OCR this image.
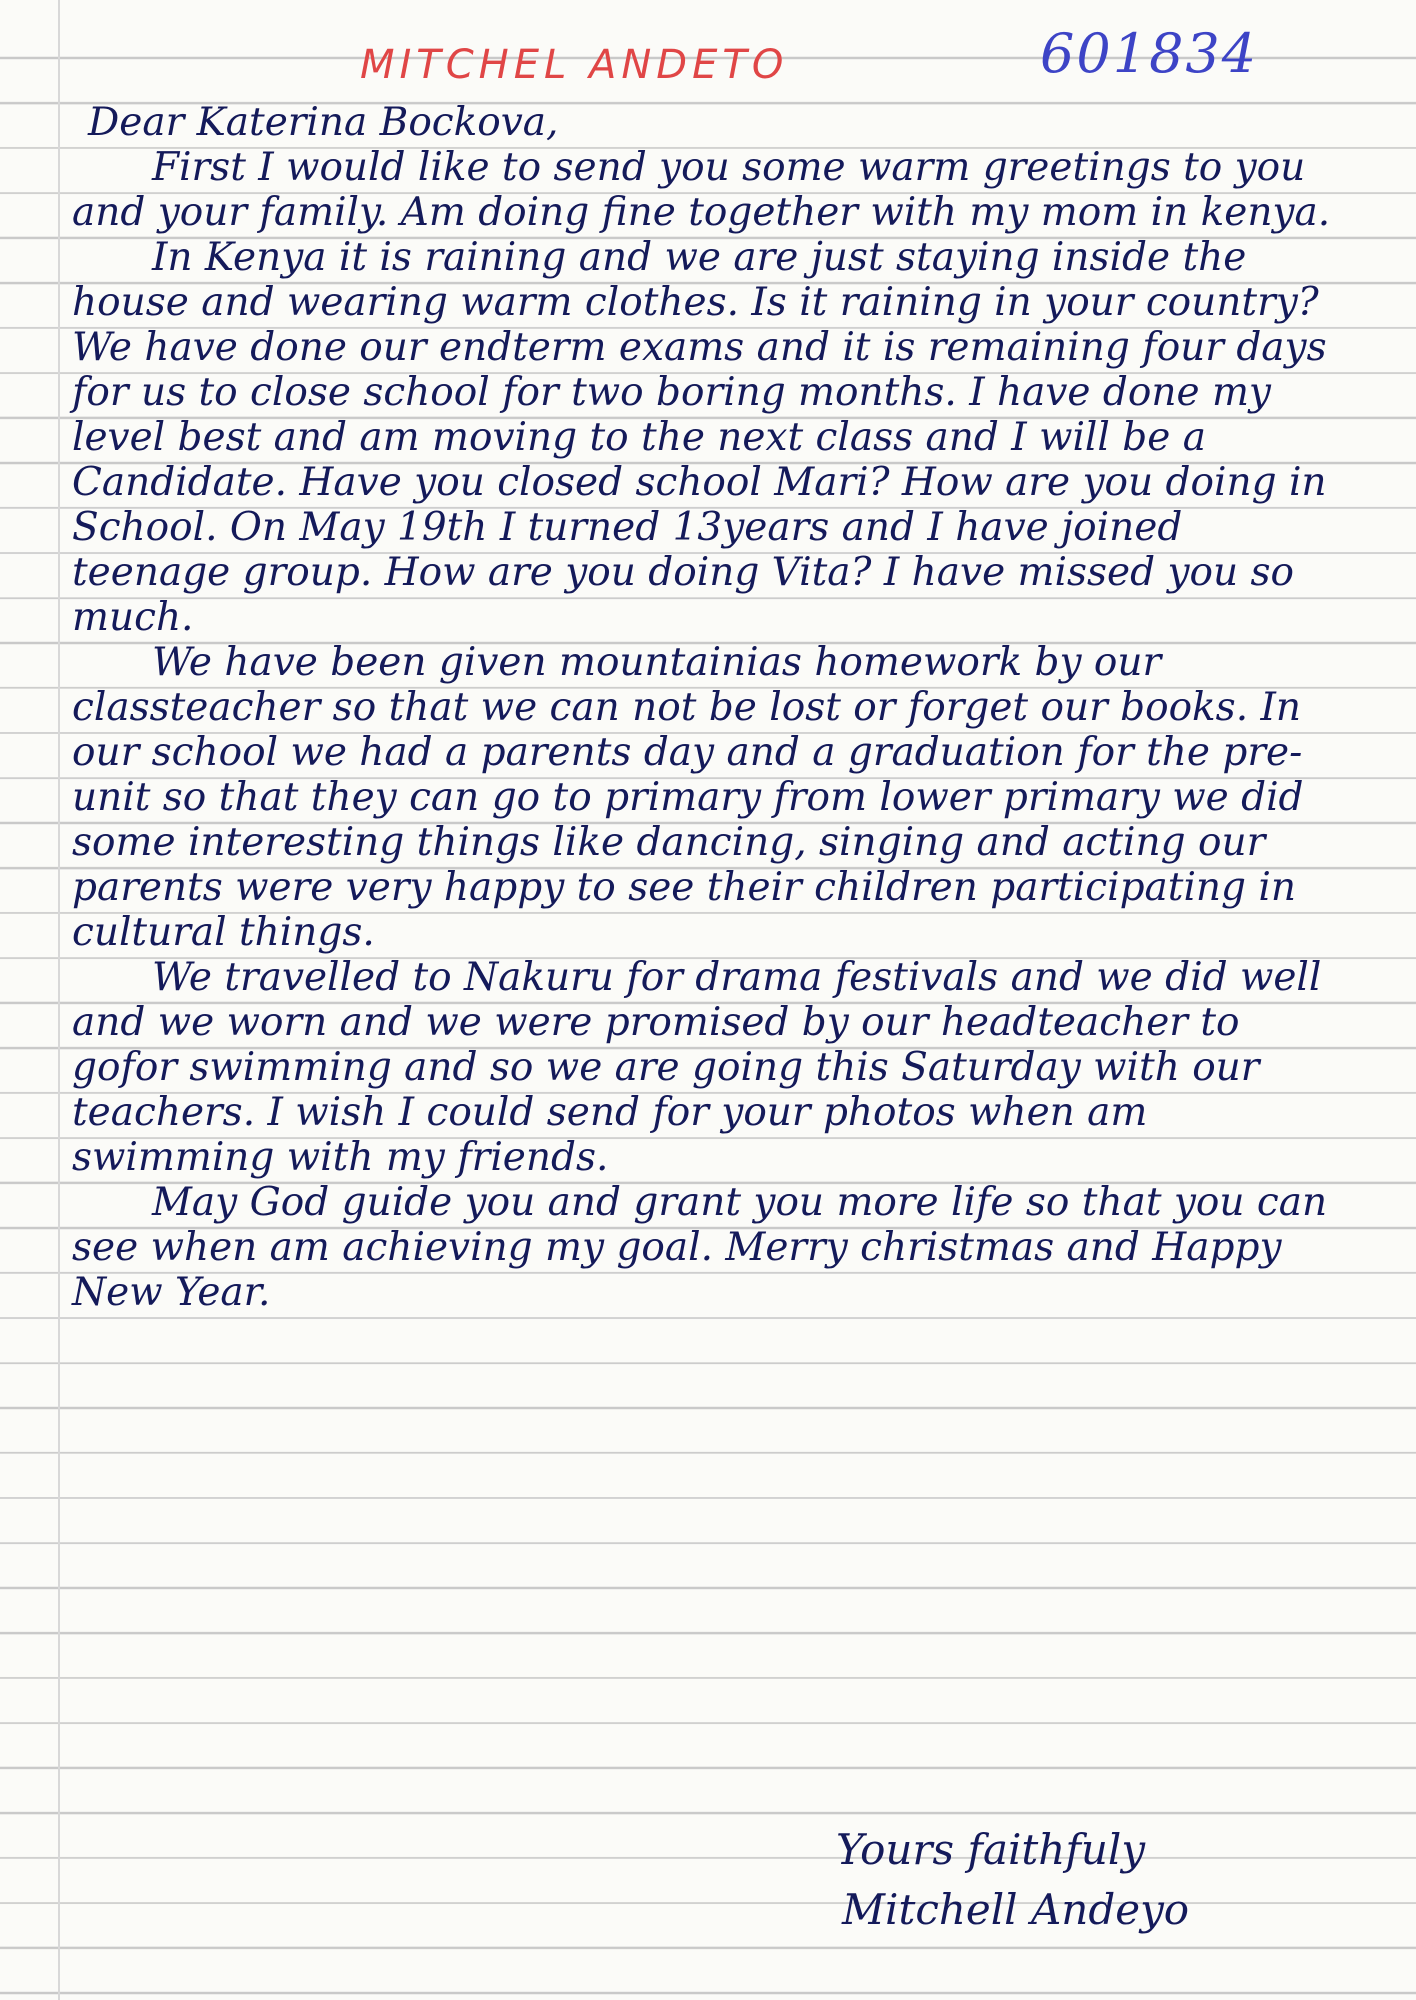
MITCHEL ANDETO	601834

Dear Katerina Bockova,

First I would like to send you some warm greetings to you and your family. Am doing fine together with my mom in kenya.

In Kenya it is raining and we are just staying inside the house and wearing warm clothes. Is it raining in your country? We have done our endterm exams and it is remaining four days for us to close school for two boring months. I have done my level best and am moving to the next class and I will be a Candidate. Have you closed school Mari? How are you doing in School. On May 19th I turned 13years and I have joined teenage group. How are you doing Vita? I have missed you so much.

We have been given mountainias homework by our classteacher so that we can not be lost or forget our books. In our school we had a parents day and a graduation for the pre-unit so that they can go to primary from lower primary we did some interesting things like dancing, singing and acting our parents were very happy to see their children participating in cultural things.

We travelled to Nakuru for drama festivals and we did well and we worn and we were promised by our headteacher to gofor swimming and so we are going this Saturday with our teachers. I wish I could send for your photos when am swimming with my friends.

May God guide you and grant you more life so that you can see when am achieving my goal. Merry christmas and Happy New Year.

Yours faithfuly
Mitchell Andeyo
